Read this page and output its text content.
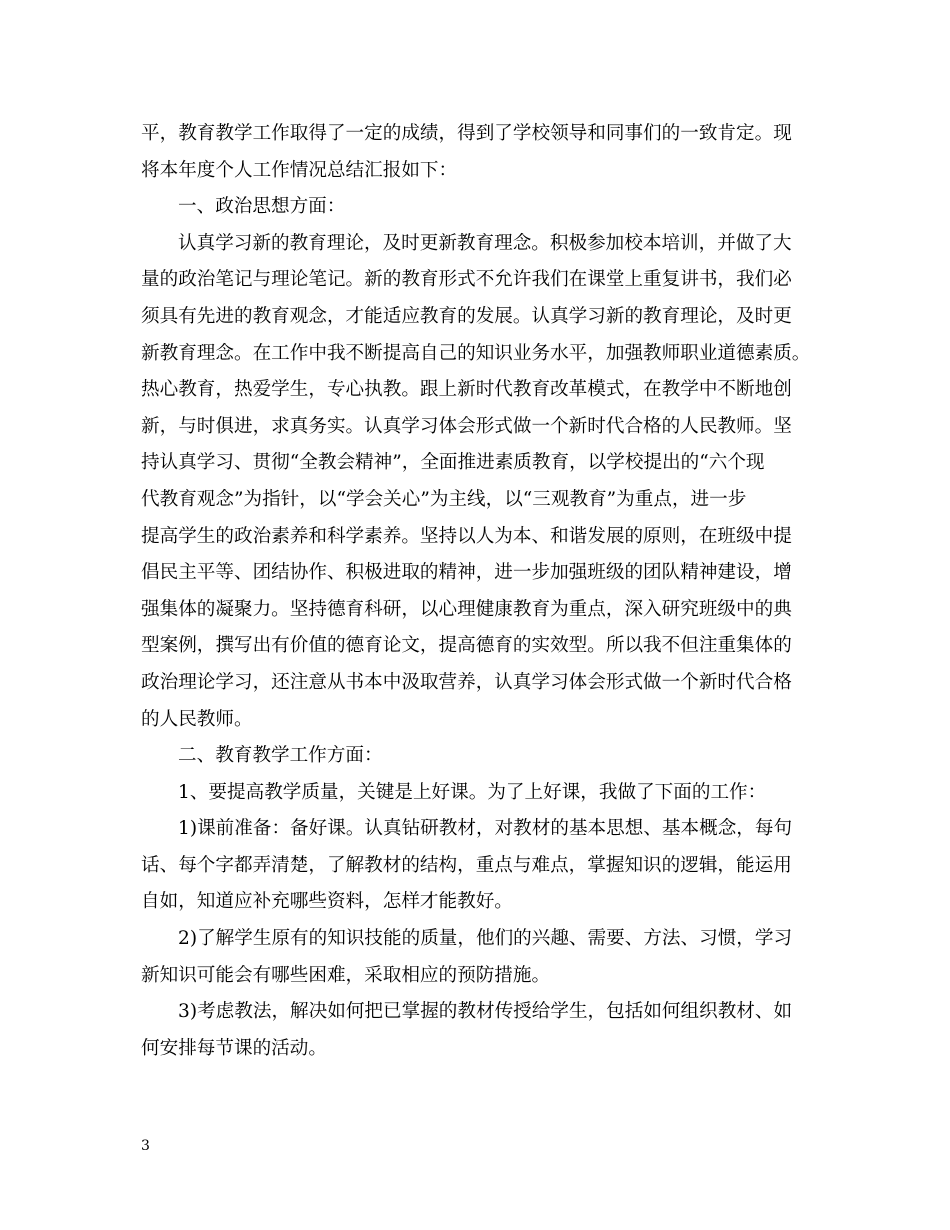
平，教育教学工作取得了一定的成绩，得到了学校领导和同事们的一致肯定。现
将本年度个人工作情况总结汇报如下：
一、政治思想方面：
认真学习新的教育理论，及时更新教育理念。积极参加校本培训，并做了大
量的政治笔记与理论笔记。新的教育形式不允许我们在课堂上重复讲书，我们必
须具有先进的教育观念，才能适应教育的发展。认真学习新的教育理论，及时更
新教育理念。在工作中我不断提高自己的知识业务水平，加强教师职业道德素质。
热心教育，热爱学生，专心执教。跟上新时代教育改革模式，在教学中不断地创
新，与时俱进，求真务实。认真学习体会形式做一个新时代合格的人民教师。坚
持认真学习、贯彻“全教会精神”，全面推进素质教育，以学校提出的“六个现
代教育观念”为指针，以“学会关心”为主线，以“三观教育”为重点，进一步
提高学生的政治素养和科学素养。坚持以人为本、和谐发展的原则，在班级中提
倡民主平等、团结协作、积极进取的精神，进一步加强班级的团队精神建设，增
强集体的凝聚力。坚持德育科研，以心理健康教育为重点，深入研究班级中的典
型案例，撰写出有价值的德育论文，提高德育的实效型。所以我不但注重集体的
政治理论学习，还注意从书本中汲取营养，认真学习体会形式做一个新时代合格
的人民教师。
二、教育教学工作方面：
1、要提高教学质量，关键是上好课。为了上好课，我做了下面的工作：
1)课前准备：备好课。认真钻研教材，对教材的基本思想、基本概念，每句
话、每个字都弄清楚，了解教材的结构，重点与难点，掌握知识的逻辑，能运用
自如，知道应补充哪些资料，怎样才能教好。
2)了解学生原有的知识技能的质量，他们的兴趣、需要、方法、习惯，学习
新知识可能会有哪些困难，采取相应的预防措施。
3)考虑教法，解决如何把已掌握的教材传授给学生，包括如何组织教材、如
何安排每节课的活动。
3
